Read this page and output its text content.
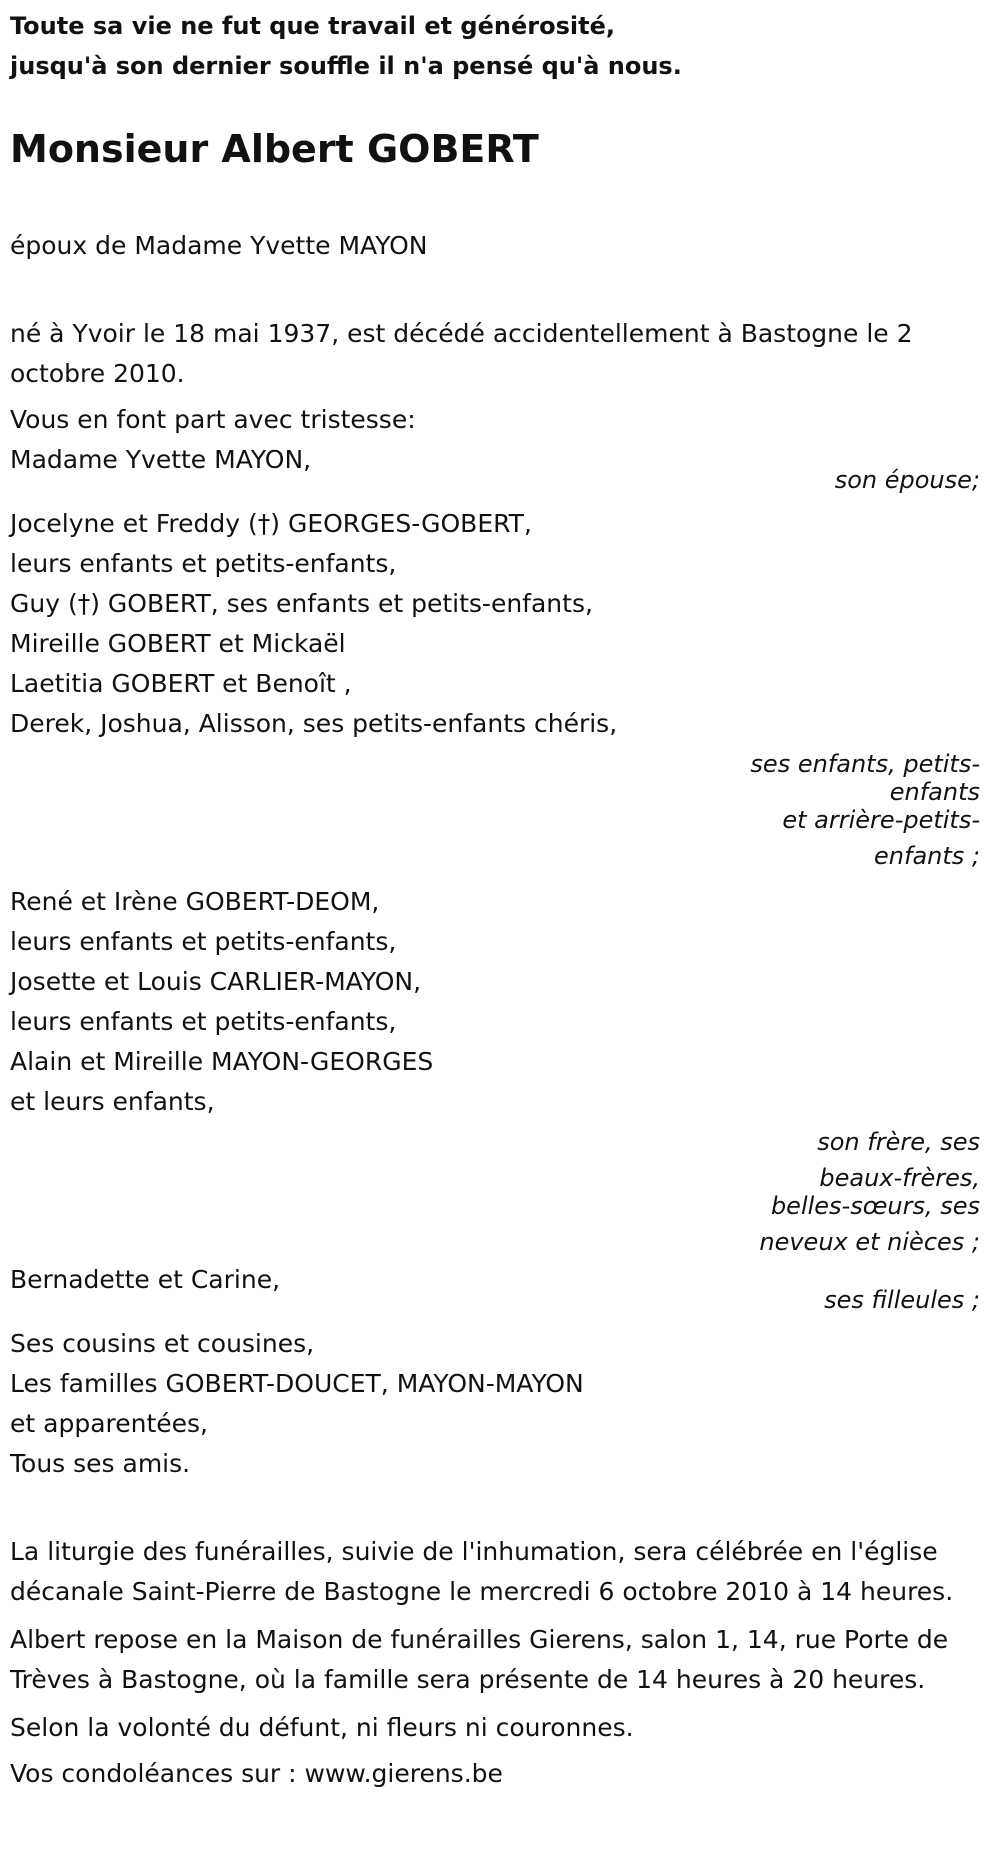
Toute sa vie ne fut que travail et générosité,
jusqu'à son dernier souffle il n'a pensé qu'à nous.
Monsieur Albert GOBERT
époux de Madame Yvette MAYON
né à Yvoir le 18 mai 1937, est décédé accidentellement à Bastogne le 2 octobre 2010.
Vous en font part avec tristesse:
Madame Yvette MAYON,
son épouse;
Jocelyne et Freddy (†) GEORGES-GOBERT,
leurs enfants et petits-enfants,
Guy (†) GOBERT, ses enfants et petits-enfants,
Mireille GOBERT et Mickaël
Laetitia GOBERT et Benoît ,
Derek, Joshua, Alisson, ses petits-enfants chéris,
ses enfants, petits-
enfants
et arrière-petits-
enfants ;
René et Irène GOBERT-DEOM,
leurs enfants et petits-enfants,
Josette et Louis CARLIER-MAYON,
leurs enfants et petits-enfants,
Alain et Mireille MAYON-GEORGES
et leurs enfants,
son frère, ses
beaux-frères,
belles-sœurs, ses
neveux et nièces ;
Bernadette et Carine,
ses filleules ;
Ses cousins et cousines,
Les familles GOBERT-DOUCET, MAYON-MAYON
et apparentées,
Tous ses amis.
La liturgie des funérailles, suivie de l'inhumation, sera célébrée en l'église décanale Saint-Pierre de Bastogne le mercredi 6 octobre 2010 à 14 heures.
Albert repose en la Maison de funérailles Gierens, salon 1, 14, rue Porte de Trèves à Bastogne, où la famille sera présente de 14 heures à 20 heures.
Selon la volonté du défunt, ni fleurs ni couronnes.
Vos condoléances sur : www.gierens.be
